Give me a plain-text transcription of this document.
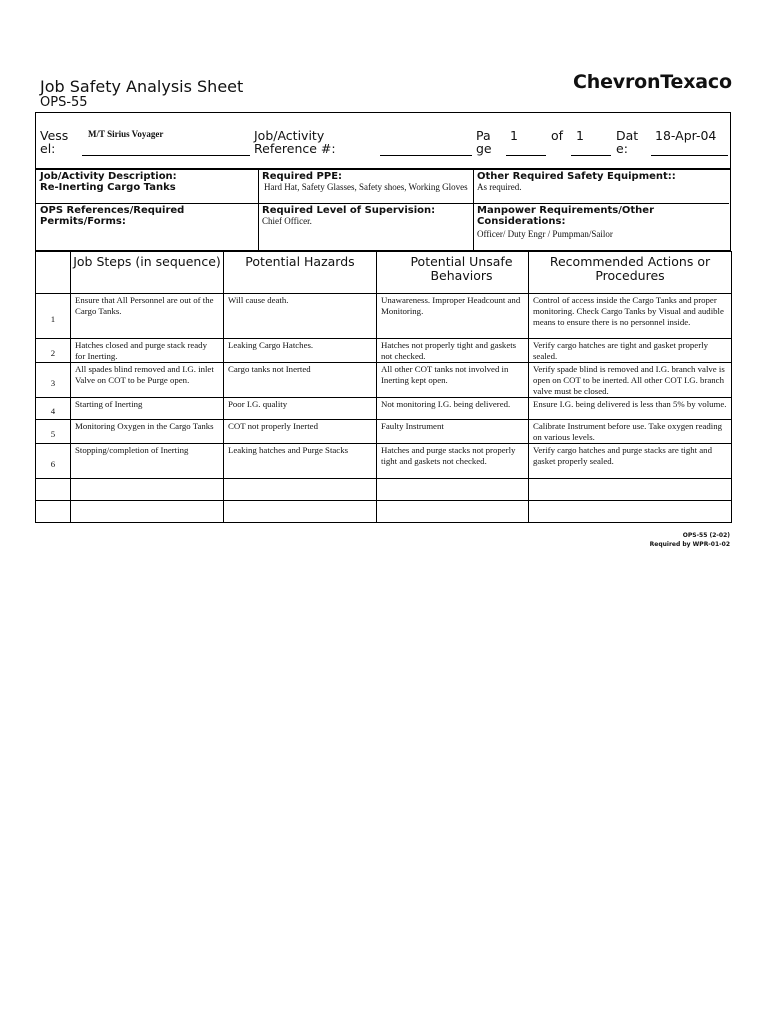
Job Safety Analysis Sheet
OPS-55
ChevronTexaco
Vess el:
M/T Sirius Voyager	Job/Activity Reference #:
Pa ge
1	of 1	Dat e:
18-Apr-04
Job/Activity Description:
Re-Inerting Cargo Tanks
Required PPE:
Hard Hat, Safety Glasses, Safety shoes, Working Gloves
Other Required Safety Equipment::
As required.
OPS References/Required Permits/Forms:
Required Level of Supervision:
Chief Officer.
Manpower Requirements/Other Considerations:
Officer/ Duty Engr / Pumpman/Sailor
	Job Steps (in sequence)	Potential Hazards	Potential Unsafe Behaviors	Recommended Actions or Procedures
1	Ensure that All Personnel are out of the Cargo Tanks.	Will cause death.	Unawareness. Improper Headcount and Monitoring.	Control of access inside the Cargo Tanks and proper monitoring. Check Cargo Tanks by Visual and audible means to ensure there is no personnel inside.

2	Hatches closed and purge stack ready for Inerting.	Leaking Cargo Hatches.	Hatches not properly tight and gaskets not checked.	Verify cargo hatches are tight and gasket properly sealed.

3	All spades blind removed and I.G. inlet Valve on COT to be Purge open.	Cargo tanks not Inerted	All other COT tanks not involved in Inerting kept open.	Verify spade blind is removed and I.G. branch valve is open on COT to be inerted. All other COT I.G. branch valve must be closed.

4	Starting of Inerting	Poor I.G. quality	Not monitoring I.G. being delivered.	Ensure I.G. being delivered is less than 5% by volume.

5	Monitoring Oxygen in the Cargo Tanks	COT not properly Inerted	Faulty Instrument	Calibrate Instrument before use. Take oxygen reading on various levels.

6	Stopping/completion of Inerting	Leaking hatches and Purge Stacks	Hatches and purge stacks not properly tight and gaskets not checked.	Verify cargo hatches and purge stacks are tight and gasket properly sealed.

OPS-55 (2-02)
Required by WPR-01-02
